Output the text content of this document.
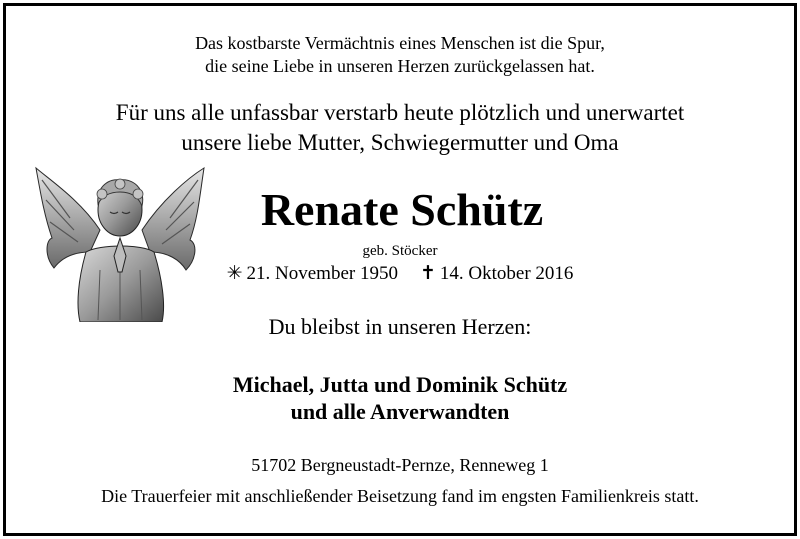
Das kostbarste Vermächtnis eines Menschen ist die Spur,
die seine Liebe in unseren Herzen zurückgelassen hat.
Für uns alle unfassbar verstarb heute plötzlich und unerwartet
unsere liebe Mutter, Schwiegermutter und Oma
Renate Schütz
geb. Stöcker
✳ 21. November 1950 ✝ 14. Oktober 2016
Du bleibst in unseren Herzen:
Michael, Jutta und Dominik Schütz
und alle Anverwandten
51702 Bergneustadt-Pernze, Renneweg 1
Die Trauerfeier mit anschließender Beisetzung fand im engsten Familienkreis statt.
